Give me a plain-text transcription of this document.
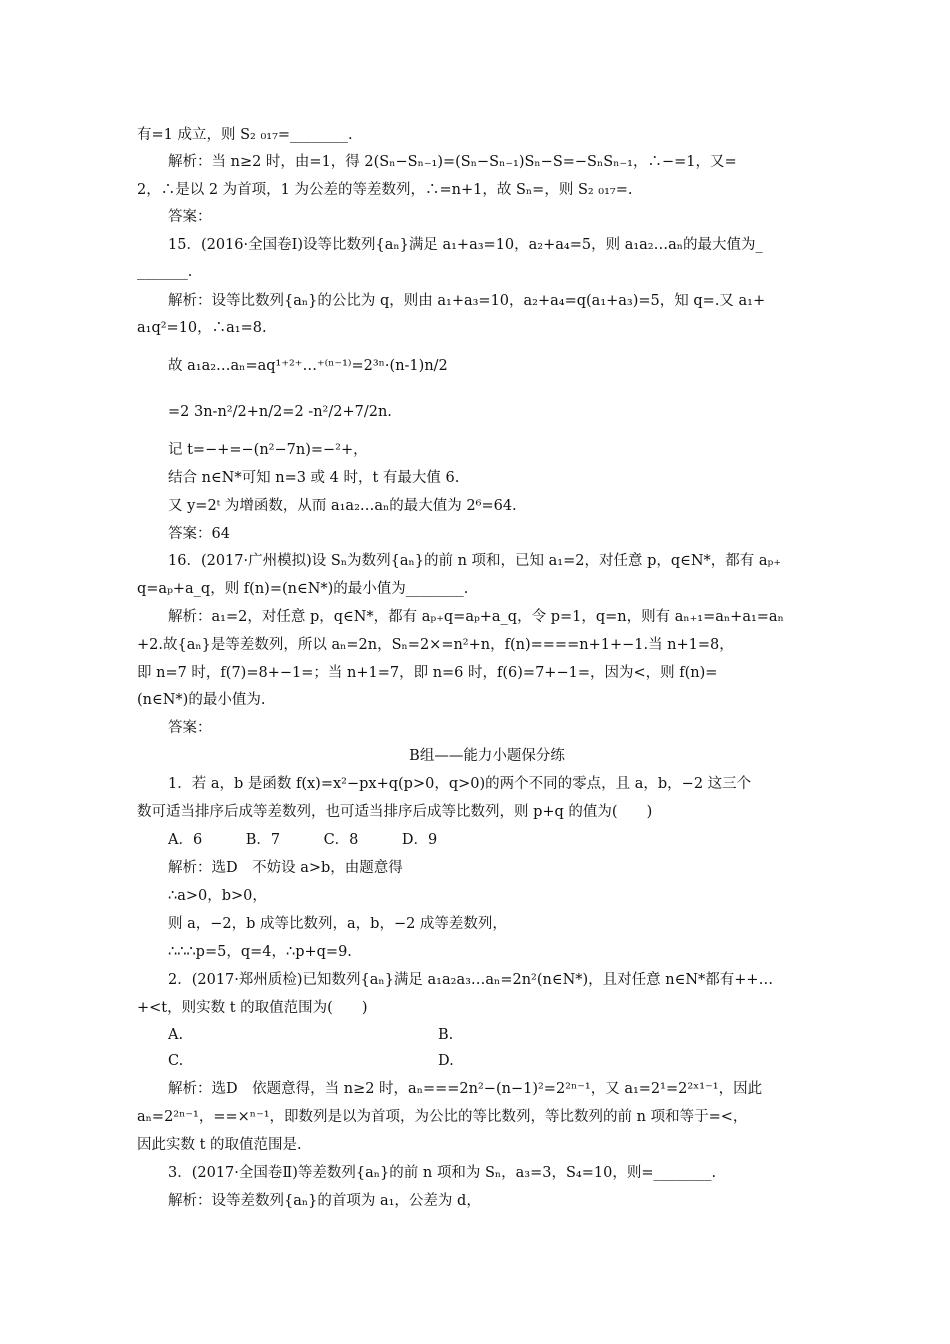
有=1 成立，则 S₂ ₀₁₇=________.
解析：当 n≥2 时，由=1，得 2(Sₙ−Sₙ₋₁)=(Sₙ−Sₙ₋₁)Sₙ−S=−SₙSₙ₋₁，∴−=1，又=
2，∴是以 2 为首项，1 为公差的等差数列，∴=n+1，故 Sₙ=，则 S₂ ₀₁₇=.
答案：
15．(2016·全国卷Ⅰ)设等比数列{aₙ}满足 a₁+a₃=10，a₂+a₄=5，则 a₁a₂…aₙ的最大值为_
_______.
解析：设等比数列{aₙ}的公比为 q，则由 a₁+a₃=10，a₂+a₄=q(a₁+a₃)=5，知 q=.又 a₁+
a₁q²=10，∴a₁=8.
故 a₁a₂…aₙ=aq¹⁺²⁺…⁺⁽ⁿ⁻¹⁾=2³ⁿ·(n-1)n/2
=2 3n-n²/2+n/2=2 -n²/2+7/2n.
记 t=−+=−(n²−7n)=−²+，
结合 n∈N*可知 n=3 或 4 时，t 有最大值 6.
又 y=2ᵗ 为增函数，从而 a₁a₂…aₙ的最大值为 2⁶=64.
答案：64
16．(2017·广州模拟)设 Sₙ为数列{aₙ}的前 n 项和，已知 a₁=2，对任意 p，q∈N*，都有 aₚ₊
q=aₚ+a_q，则 f(n)=(n∈N*)的最小值为________.
解析：a₁=2，对任意 p，q∈N*，都有 aₚ₊q=aₚ+a_q，令 p=1，q=n，则有 aₙ₊₁=aₙ+a₁=aₙ
+2.故{aₙ}是等差数列，所以 aₙ=2n，Sₙ=2×=n²+n，f(n)====n+1+−1.当 n+1=8，
即 n=7 时，f(7)=8+−1=；当 n+1=7，即 n=6 时，f(6)=7+−1=，因为<，则 f(n)=
(n∈N*)的最小值为.
答案：
B组——能力小题保分练
1．若 a，b 是函数 f(x)=x²−px+q(p>0，q>0)的两个不同的零点，且 a，b，−2 这三个
数可适当排序后成等差数列，也可适当排序后成等比数列，则 p+q 的值为(　　)
A．6　　　B．7　　　C．8　　　D．9
解析：选D　不妨设 a>b，由题意得
∴a>0，b>0，
则 a，−2，b 成等比数列，a，b，−2 成等差数列，
∴∴∴p=5，q=4，∴p+q=9.
2．(2017·郑州质检)已知数列{aₙ}满足 a₁a₂a₃…aₙ=2n²(n∈N*)，且对任意 n∈N*都有++…
+<t，则实数 t 的取值范围为(　　)
A.	B.
C.	D.
解析：选D　依题意得，当 n≥2 时，aₙ===2n²−(n−1)²=2²ⁿ⁻¹，又 a₁=2¹=2²ˣ¹⁻¹，因此
aₙ=2²ⁿ⁻¹，==×ⁿ⁻¹，即数列是以为首项，为公比的等比数列，等比数列的前 n 项和等于=<，
因此实数 t 的取值范围是.
3．(2017·全国卷Ⅱ)等差数列{aₙ}的前 n 项和为 Sₙ，a₃=3，S₄=10，则=________.
解析：设等差数列{aₙ}的首项为 a₁，公差为 d，
